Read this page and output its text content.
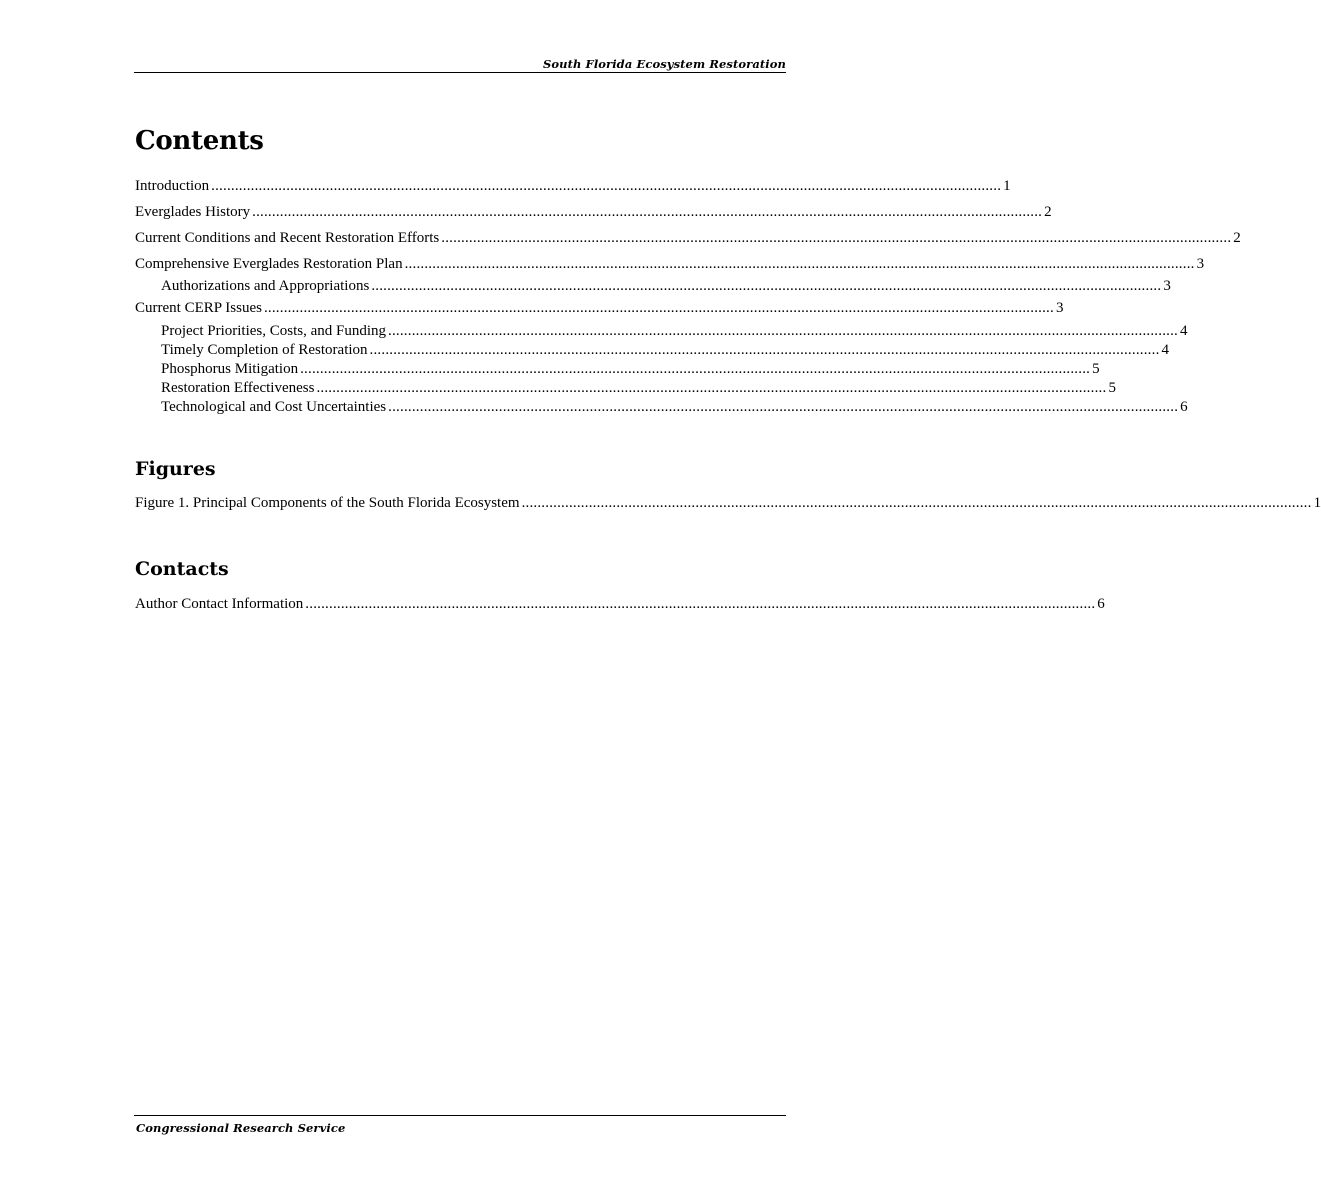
South Florida Ecosystem Restoration
Contents
Introduction ........................................................................................................................................................................................................ 1
Everglades History ........................................................................................................................................................................................................ 2
Current Conditions and Recent Restoration Efforts ........................................................................................................................................................................................................ 2
Comprehensive Everglades Restoration Plan ........................................................................................................................................................................................................ 3
Authorizations and Appropriations ........................................................................................................................................................................................................ 3
Current CERP Issues ........................................................................................................................................................................................................ 3
Project Priorities, Costs, and Funding ........................................................................................................................................................................................................ 4
Timely Completion of Restoration ........................................................................................................................................................................................................ 4
Phosphorus Mitigation ........................................................................................................................................................................................................ 5
Restoration Effectiveness ........................................................................................................................................................................................................ 5
Technological and Cost Uncertainties ........................................................................................................................................................................................................ 6
Figures
Figure 1. Principal Components of the South Florida Ecosystem ........................................................................................................................................................................................................ 1
Contacts
Author Contact Information ........................................................................................................................................................................................................ 6
Congressional Research Service
